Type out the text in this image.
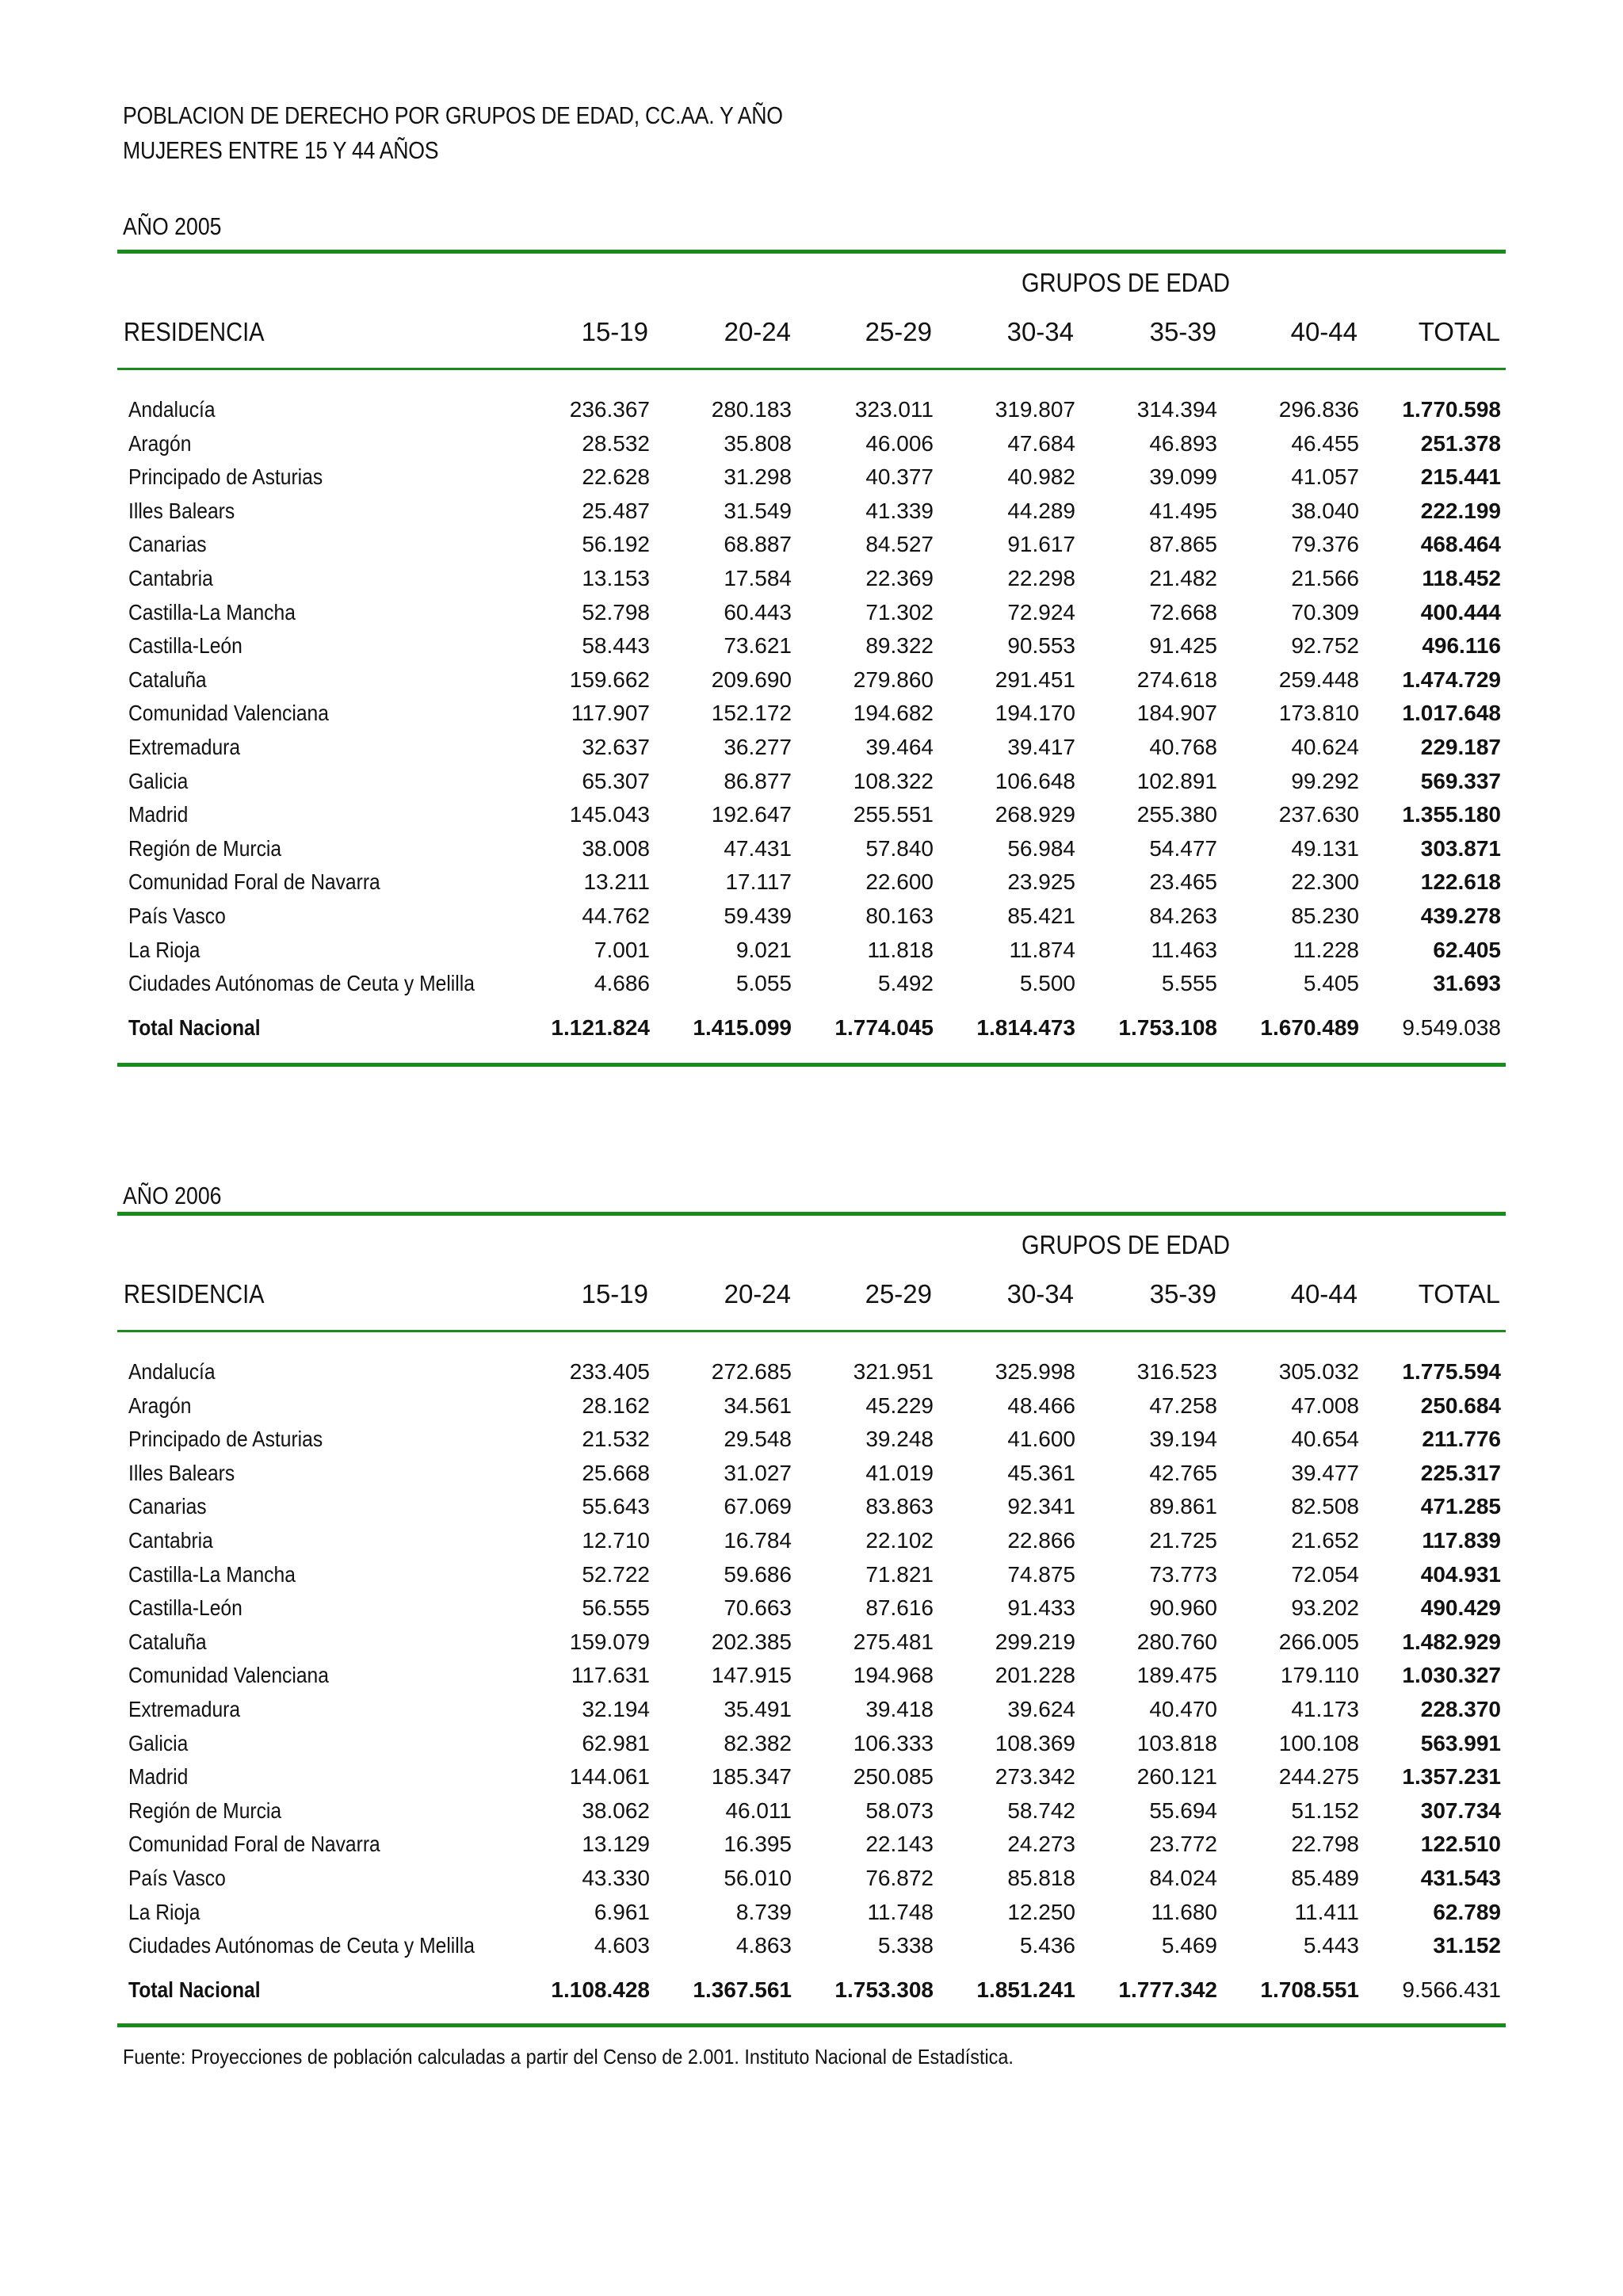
POBLACION DE DERECHO POR GRUPOS DE EDAD, CC.AA. Y AÑO
MUJERES ENTRE 15 Y 44 AÑOS
AÑO 2005
GRUPOS DE EDAD
RESIDENCIA	15-19	20-24	25-29	30-34	35-39	40-44	TOTAL
Andalucía	236.367	280.183	323.011	319.807	314.394	296.836	1.770.598
Aragón	28.532	35.808	46.006	47.684	46.893	46.455	251.378
Principado de Asturias	22.628	31.298	40.377	40.982	39.099	41.057	215.441
Illes Balears	25.487	31.549	41.339	44.289	41.495	38.040	222.199
Canarias	56.192	68.887	84.527	91.617	87.865	79.376	468.464
Cantabria	13.153	17.584	22.369	22.298	21.482	21.566	118.452
Castilla-La Mancha	52.798	60.443	71.302	72.924	72.668	70.309	400.444
Castilla-León	58.443	73.621	89.322	90.553	91.425	92.752	496.116
Cataluña	159.662	209.690	279.860	291.451	274.618	259.448	1.474.729
Comunidad Valenciana	117.907	152.172	194.682	194.170	184.907	173.810	1.017.648
Extremadura	32.637	36.277	39.464	39.417	40.768	40.624	229.187
Galicia	65.307	86.877	108.322	106.648	102.891	99.292	569.337
Madrid	145.043	192.647	255.551	268.929	255.380	237.630	1.355.180
Región de Murcia	38.008	47.431	57.840	56.984	54.477	49.131	303.871
Comunidad Foral de Navarra	13.211	17.117	22.600	23.925	23.465	22.300	122.618
País Vasco	44.762	59.439	80.163	85.421	84.263	85.230	439.278
La Rioja	7.001	9.021	11.818	11.874	11.463	11.228	62.405
Ciudades Autónomas de Ceuta y Melilla	4.686	5.055	5.492	5.500	5.555	5.405	31.693
Total Nacional	1.121.824	1.415.099	1.774.045	1.814.473	1.753.108	1.670.489	9.549.038
AÑO 2006
GRUPOS DE EDAD
RESIDENCIA	15-19	20-24	25-29	30-34	35-39	40-44	TOTAL
Andalucía	233.405	272.685	321.951	325.998	316.523	305.032	1.775.594
Aragón	28.162	34.561	45.229	48.466	47.258	47.008	250.684
Principado de Asturias	21.532	29.548	39.248	41.600	39.194	40.654	211.776
Illes Balears	25.668	31.027	41.019	45.361	42.765	39.477	225.317
Canarias	55.643	67.069	83.863	92.341	89.861	82.508	471.285
Cantabria	12.710	16.784	22.102	22.866	21.725	21.652	117.839
Castilla-La Mancha	52.722	59.686	71.821	74.875	73.773	72.054	404.931
Castilla-León	56.555	70.663	87.616	91.433	90.960	93.202	490.429
Cataluña	159.079	202.385	275.481	299.219	280.760	266.005	1.482.929
Comunidad Valenciana	117.631	147.915	194.968	201.228	189.475	179.110	1.030.327
Extremadura	32.194	35.491	39.418	39.624	40.470	41.173	228.370
Galicia	62.981	82.382	106.333	108.369	103.818	100.108	563.991
Madrid	144.061	185.347	250.085	273.342	260.121	244.275	1.357.231
Región de Murcia	38.062	46.011	58.073	58.742	55.694	51.152	307.734
Comunidad Foral de Navarra	13.129	16.395	22.143	24.273	23.772	22.798	122.510
País Vasco	43.330	56.010	76.872	85.818	84.024	85.489	431.543
La Rioja	6.961	8.739	11.748	12.250	11.680	11.411	62.789
Ciudades Autónomas de Ceuta y Melilla	4.603	4.863	5.338	5.436	5.469	5.443	31.152
Total Nacional	1.108.428	1.367.561	1.753.308	1.851.241	1.777.342	1.708.551	9.566.431
Fuente: Proyecciones de población calculadas a partir del Censo de 2.001. Instituto Nacional de Estadística.
